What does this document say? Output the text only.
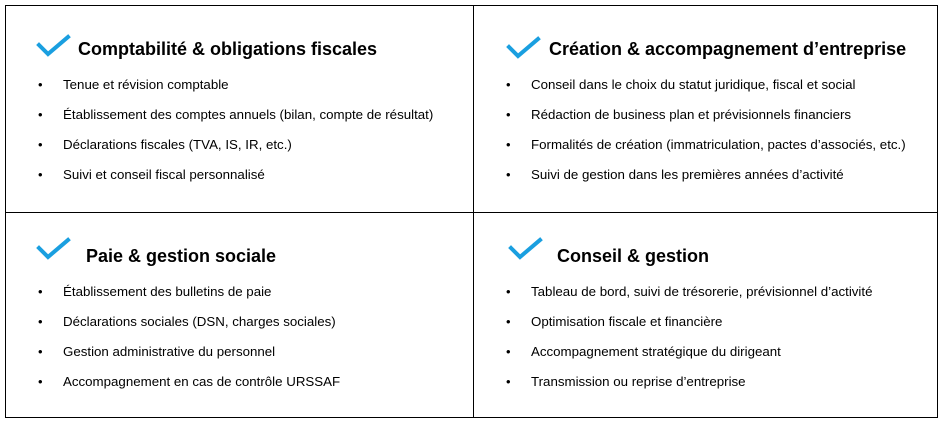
Comptabilité & obligations fiscales
• Tenue et révision comptable
• Établissement des comptes annuels (bilan, compte de résultat)
• Déclarations fiscales (TVA, IS, IR, etc.)
• Suivi et conseil fiscal personnalisé
Création & accompagnement d’entreprise
• Conseil dans le choix du statut juridique, fiscal et social
• Rédaction de business plan et prévisionnels financiers
• Formalités de création (immatriculation, pactes d’associés, etc.)
• Suivi de gestion dans les premières années d’activité
Paie & gestion sociale
• Établissement des bulletins de paie
• Déclarations sociales (DSN, charges sociales)
• Gestion administrative du personnel
• Accompagnement en cas de contrôle URSSAF
Conseil & gestion
• Tableau de bord, suivi de trésorerie, prévisionnel d’activité
• Optimisation fiscale et financière
• Accompagnement stratégique du dirigeant
• Transmission ou reprise d’entreprise
